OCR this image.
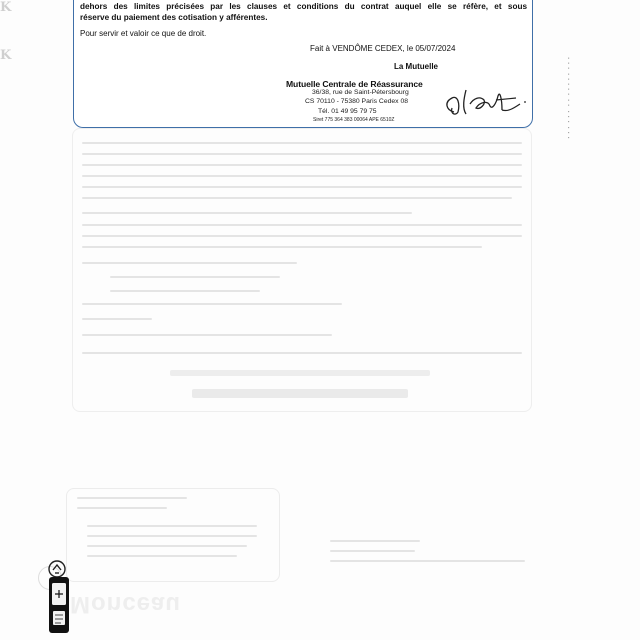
K
K
Monceau
dehors des limites précisées par les clauses et conditions du contrat auquel elle se réfère, et sous
réserve du paiement des cotisation y afférentes.
Pour servir et valoir ce que de droit.
Fait à VENDÔME CEDEX, le 05/07/2024
La Mutuelle
Mutuelle Centrale de Réassurance
36/38, rue de Saint-Pétersbourg
CS 70110 - 75380 Paris Cedex 08
Tél. 01 49 95 79 75
Siret 775 364 383 00064 APE 6510Z	▪▪▪ ▪▪▪ ▪▪ ▪▪▪▪▪ ▪▪▪
